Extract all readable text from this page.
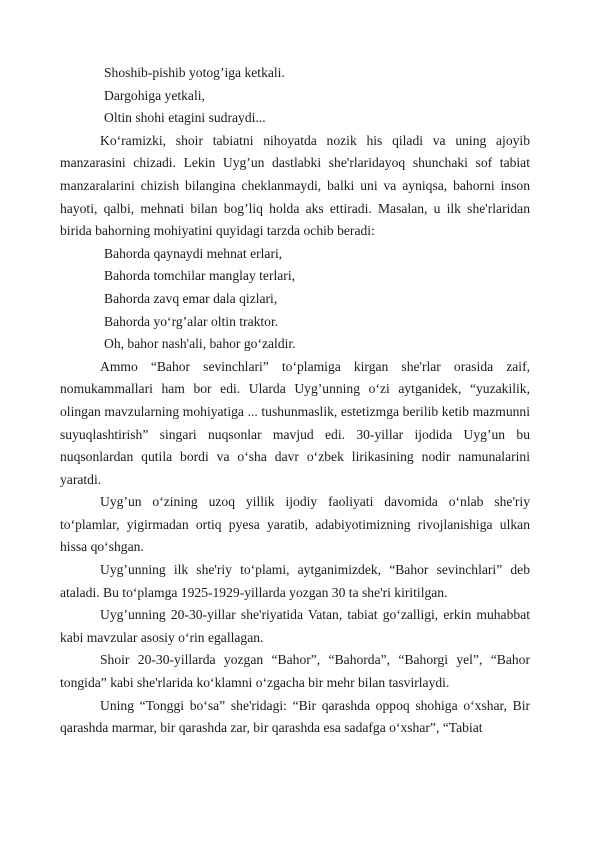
Shoshib-pishib yotog’iga ketkali.

Dargohiga yetkali,

Oltin shohi etagini sudraydi...

Ko‘ramizki, shoir tabiatni nihoyatda nozik his qiladi va uning ajoyib manzarasini chizadi. Lekin Uyg’un dastlabki she'rlaridayoq shunchaki sof tabiat manzaralarini chizish bilangina cheklanmaydi, balki uni va ayniqsa, bahorni inson hayoti, qalbi, mehnati bilan bog’liq holda aks ettiradi. Masalan, u ilk she'rlaridan birida bahorning mohiyatini quyidagi tarzda ochib beradi:

Bahorda qaynaydi mehnat erlari,

Bahorda tomchilar manglay terlari,

Bahorda zavq emar dala qizlari,

Bahorda yo‘rg’alar oltin traktor.

Oh, bahor nash'ali, bahor go‘zaldir.

Ammo “Bahor sevinchlari” to‘plamiga kirgan she'rlar orasida zaif, nomukammallari ham bor edi. Ularda Uyg’unning o‘zi aytganidek, “yuzakilik, olingan mavzularning mohiyatiga ... tushunmaslik, estetizmga berilib ketib mazmunni suyuqlashtirish” singari nuqsonlar mavjud edi. 30-yillar ijodida Uyg’un bu nuqsonlardan qutila bordi va o‘sha davr o‘zbek lirikasining nodir namunalarini yaratdi.

Uyg’un o‘zining uzoq yillik ijodiy faoliyati davomida o‘nlab she'riy to‘plamlar, yigirmadan ortiq pyesa yaratib, adabiyotimizning rivojlanishiga ulkan hissa qo‘shgan.

Uyg’unning ilk she'riy to‘plami, aytganimizdek, “Bahor sevinchlari” deb ataladi. Bu to‘plamga 1925-1929-yillarda yozgan 30 ta she'ri kiritilgan.

Uyg’unning 20-30-yillar she'riyatida Vatan, tabiat go‘zalligi, erkin muhabbat kabi mavzular asosiy o‘rin egallagan.

Shoir 20-30-yillarda yozgan “Bahor”, “Bahorda”, “Bahorgi yel”, “Bahor tongida” kabi she'rlarida ko‘klamni o‘zgacha bir mehr bilan tasvirlaydi.

Uning “Tonggi bo‘sa” she'ridagi: “Bir qarashda oppoq shohiga o‘xshar, Bir qarashda marmar, bir qarashda zar, bir qarashda esa sadafga o‘xshar”, “Tabiat
